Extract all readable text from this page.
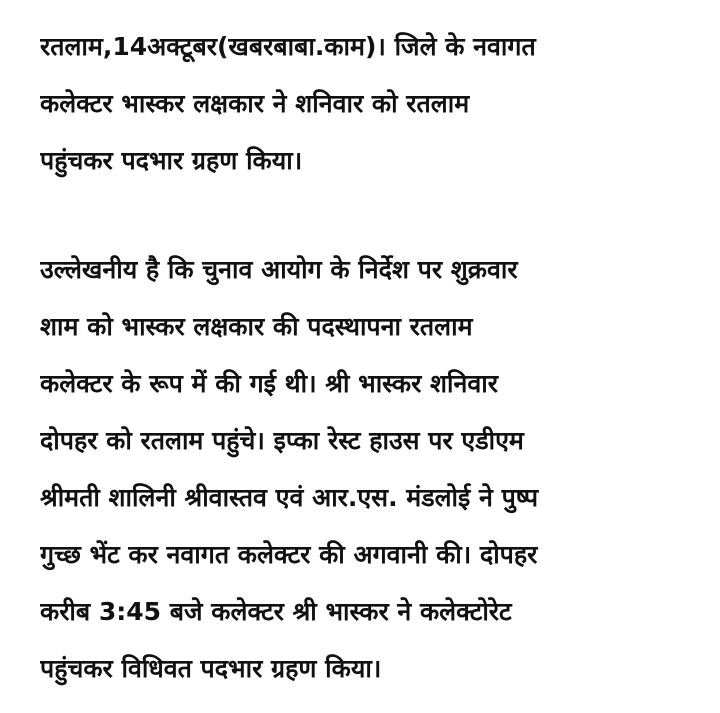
रतलाम,14अक्टूबर(खबरबाबा.काम)। जिले के नवागत
कलेक्टर भास्कर लक्षकार ने शनिवार को रतलाम
पहुंचकर पदभार ग्रहण किया।

उल्लेखनीय है कि चुनाव आयोग के निर्देश पर शुक्रवार
शाम को भास्कर लक्षकार की पदस्थापना रतलाम
कलेक्टर के रूप में की गई थी। श्री भास्कर शनिवार
दोपहर को रतलाम पहुंचे। इप्का रेस्ट हाउस पर एडीएम
श्रीमती शालिनी श्रीवास्तव एवं आर.एस. मंडलोई ने पुष्प
गुच्छ भेंट कर नवागत कलेक्टर की अगवानी की। दोपहर
करीब 3:45 बजे कलेक्टर श्री भास्कर ने कलेक्टोरेट
पहुंचकर विधिवत पदभार ग्रहण किया।
